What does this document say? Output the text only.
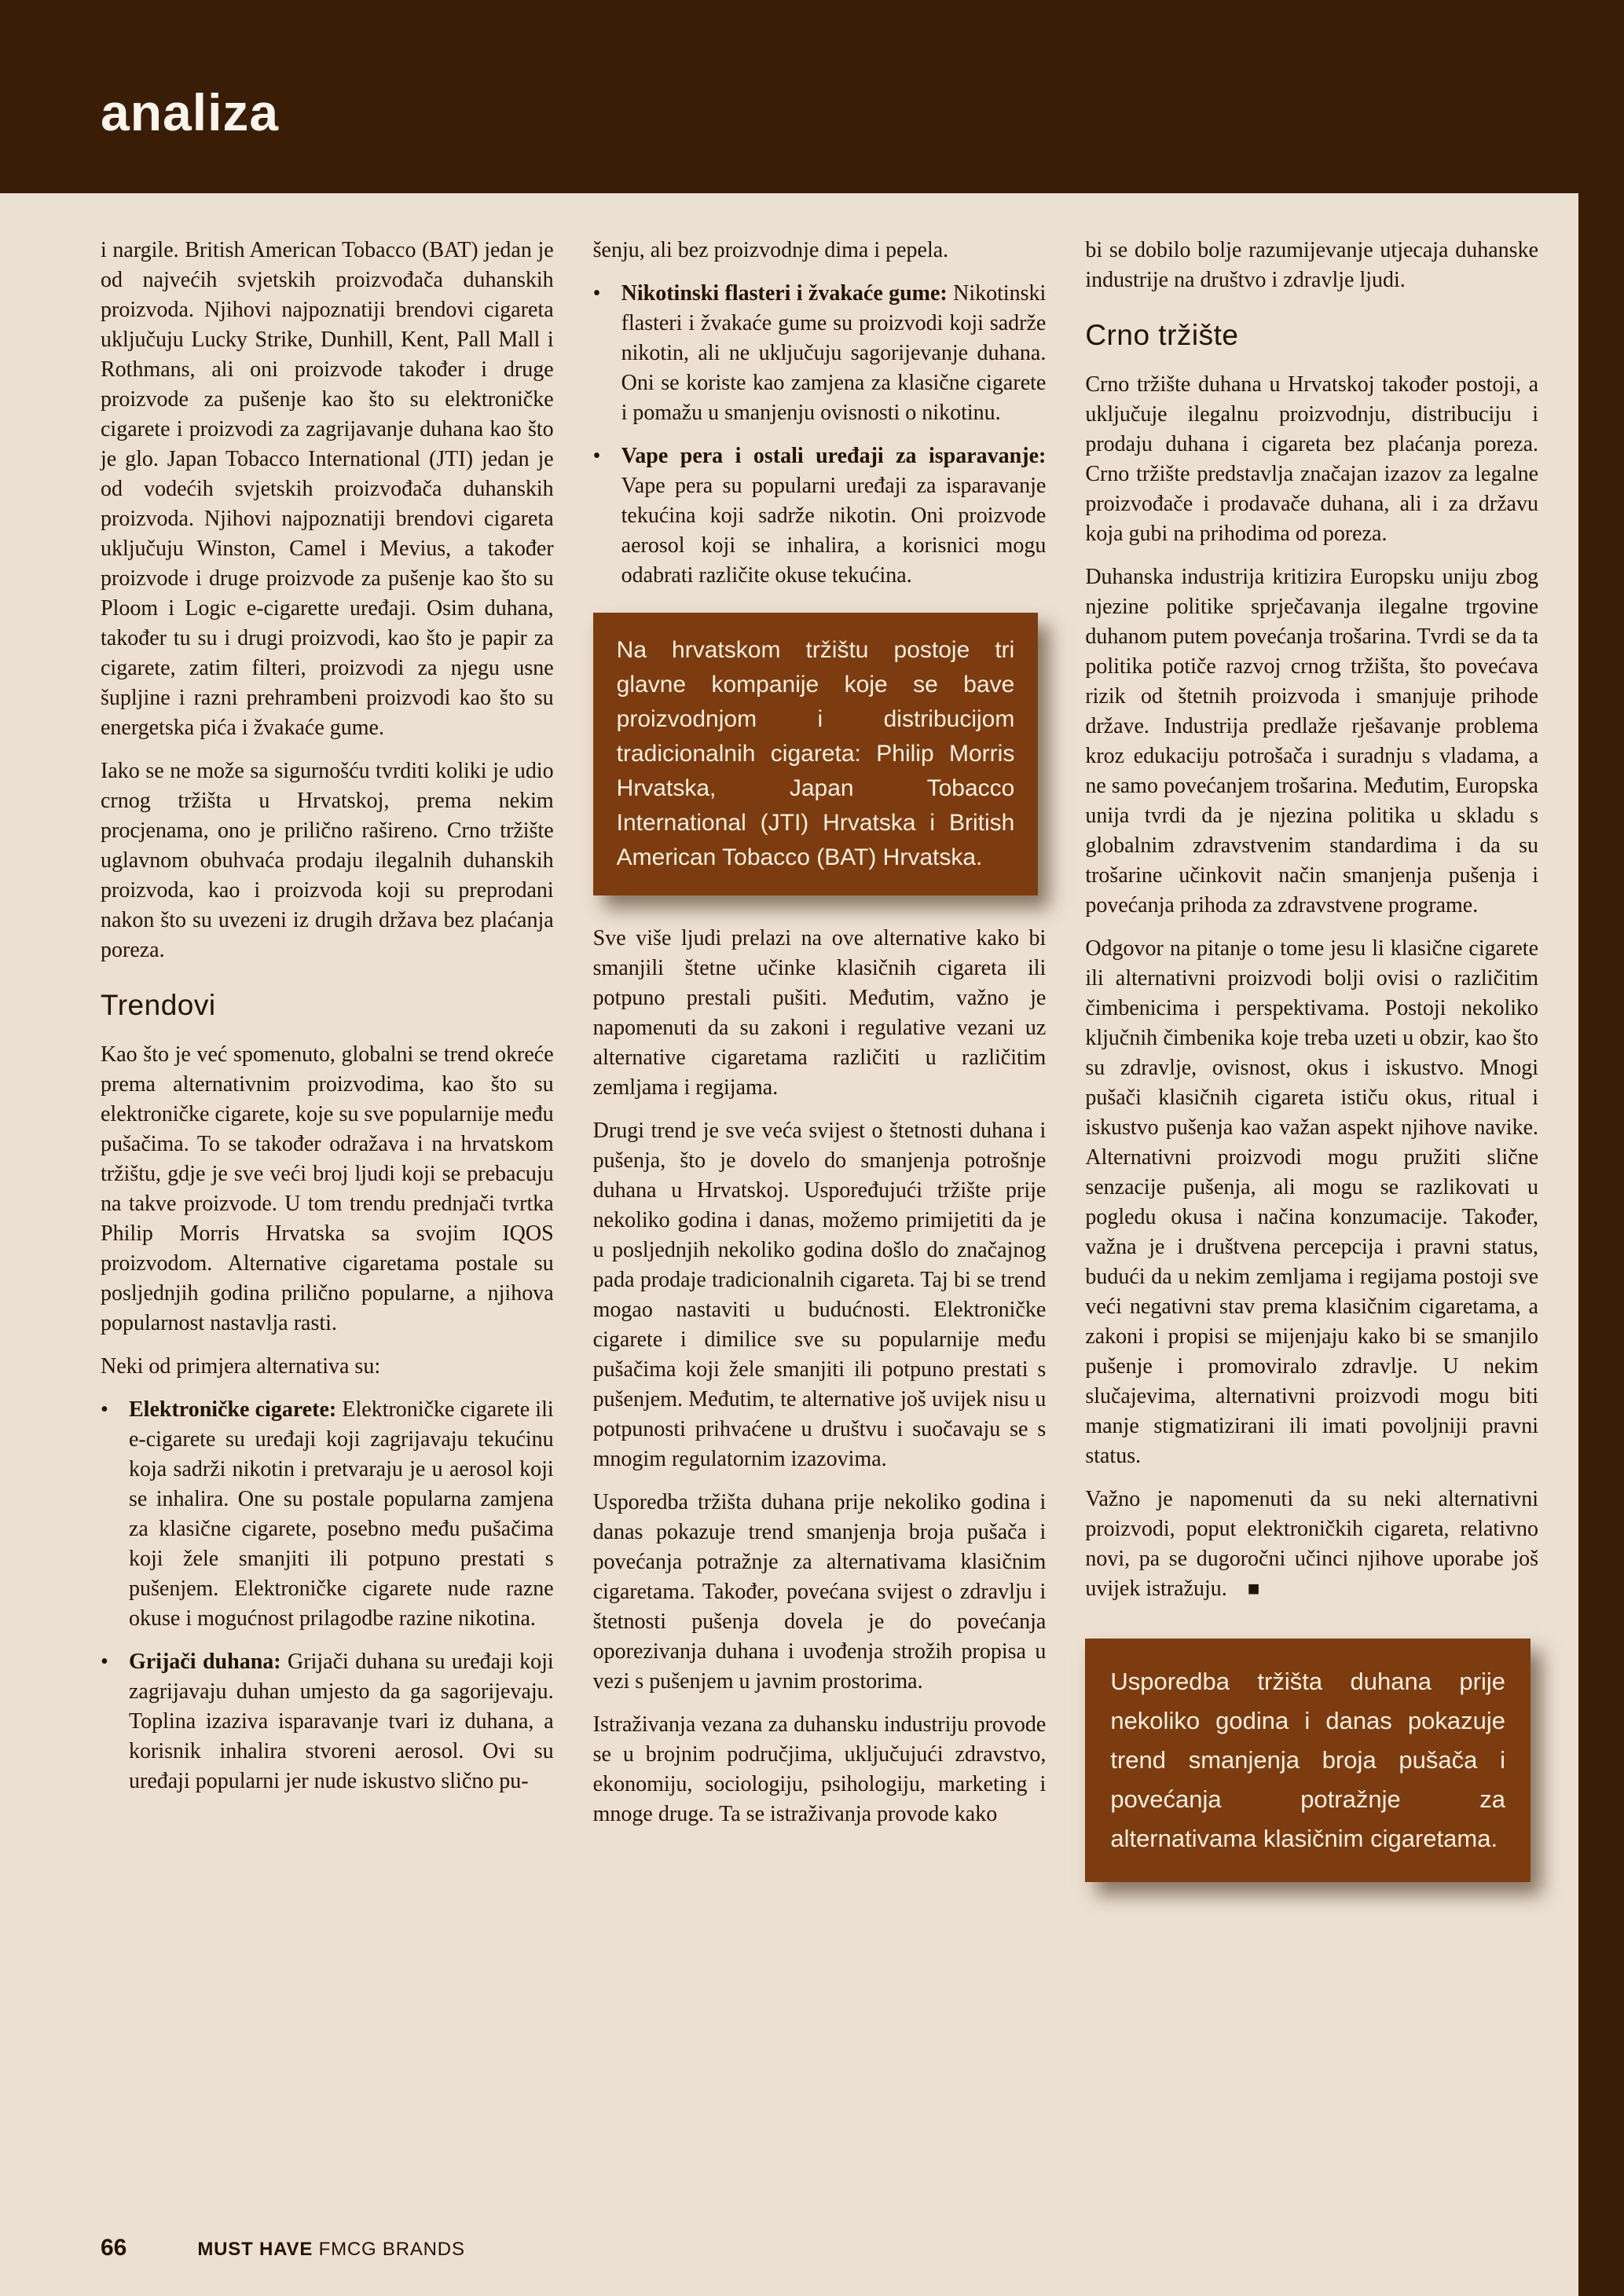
analiza

i nargile. British American Tobacco (BAT) jedan je od najvećih svjetskih proizvođača duhanskih proizvoda. Njihovi najpoznatiji brendovi cigareta uključuju Lucky Strike, Dunhill, Kent, Pall Mall i Rothmans, ali oni proizvode također i druge proizvode za pušenje kao što su elektroničke cigarete i proizvodi za zagrijavanje duhana kao što je glo. Japan Tobacco International (JTI) jedan je od vodećih svjetskih proizvođača duhanskih proizvoda. Njihovi najpoznatiji brendovi cigareta uključuju Winston, Camel i Mevius, a također proizvode i druge proizvode za pušenje kao što su Ploom i Logic e-cigarette uređaji. Osim duhana, također tu su i drugi proizvodi, kao što je papir za cigarete, zatim filteri, proizvodi za njegu usne šupljine i razni prehrambeni proizvodi kao što su energetska pića i žvakaće gume.

Iako se ne može sa sigurnošću tvrditi koliki je udio crnog tržišta u Hrvatskoj, prema nekim procjenama, ono je prilično rašireno. Crno tržište uglavnom obuhvaća prodaju ilegalnih duhanskih proizvoda, kao i proizvoda koji su preprodani nakon što su uvezeni iz drugih država bez plaćanja poreza.

Trendovi

Kao što je već spomenuto, globalni se trend okreće prema alternativnim proizvodima, kao što su elektroničke cigarete, koje su sve popularnije među pušačima. To se također odražava i na hrvatskom tržištu, gdje je sve veći broj ljudi koji se prebacuju na takve proizvode. U tom trendu prednjači tvrtka Philip Morris Hrvatska sa svojim IQOS proizvodom. Alternative cigaretama postale su posljednjih godina prilično popularne, a njihova popularnost nastavlja rasti.

Neki od primjera alternativa su:

• Elektroničke cigarete: Elektroničke cigarete ili e-cigarete su uređaji koji zagrijavaju tekućinu koja sadrži nikotin i pretvaraju je u aerosol koji se inhalira. One su postale popularna zamjena za klasične cigarete, posebno među pušačima koji žele smanjiti ili potpuno prestati s pušenjem. Elektroničke cigarete nude razne okuse i mogućnost prilagodbe razine nikotina.
• Grijači duhana: Grijači duhana su uređaji koji zagrijavaju duhan umjesto da ga sagorijevaju. Toplina izaziva isparavanje tvari iz duhana, a korisnik inhalira stvoreni aerosol. Ovi su uređaji popularni jer nude iskustvo slično pu-

šenju, ali bez proizvodnje dima i pepela.

• Nikotinski flasteri i žvakaće gume: Nikotinski flasteri i žvakaće gume su proizvodi koji sadrže nikotin, ali ne uključuju sagorijevanje duhana. Oni se koriste kao zamjena za klasične cigarete i pomažu u smanjenju ovisnosti o nikotinu.
• Vape pera i ostali uređaji za isparavanje: Vape pera su popularni uređaji za isparavanje tekućina koji sadrže nikotin. Oni proizvode aerosol koji se inhalira, a korisnici mogu odabrati različite okuse tekućina.
Na hrvatskom tržištu postoje tri glavne kompanije koje se bave proizvodnjom i distribucijom tradicionalnih cigareta: Philip Morris Hrvatska, Japan Tobacco International (JTI) Hrvatska i British American Tobacco (BAT) Hrvatska.

Sve više ljudi prelazi na ove alternative kako bi smanjili štetne učinke klasičnih cigareta ili potpuno prestali pušiti. Međutim, važno je napomenuti da su zakoni i regulative vezani uz alternative cigaretama različiti u različitim zemljama i regijama.

Drugi trend je sve veća svijest o štetnosti duhana i pušenja, što je dovelo do smanjenja potrošnje duhana u Hrvatskoj. Uspoređujući tržište prije nekoliko godina i danas, možemo primijetiti da je u posljednjih nekoliko godina došlo do značajnog pada prodaje tradicionalnih cigareta. Taj bi se trend mogao nastaviti u budućnosti. Elektroničke cigarete i dimilice sve su popularnije među pušačima koji žele smanjiti ili potpuno prestati s pušenjem. Međutim, te alternative još uvijek nisu u potpunosti prihvaćene u društvu i suočavaju se s mnogim regulatornim izazovima.

Usporedba tržišta duhana prije nekoliko godina i danas pokazuje trend smanjenja broja pušača i povećanja potražnje za alternativama klasičnim cigaretama. Također, povećana svijest o zdravlju i štetnosti pušenja dovela je do povećanja oporezivanja duhana i uvođenja strožih propisa u vezi s pušenjem u javnim prostorima.

Istraživanja vezana za duhansku industriju provode se u brojnim područjima, uključujući zdravstvo, ekonomiju, sociologiju, psihologiju, marketing i mnoge druge. Ta se istraživanja provode kako

bi se dobilo bolje razumijevanje utjecaja duhanske industrije na društvo i zdravlje ljudi.

Crno tržište

Crno tržište duhana u Hrvatskoj također postoji, a uključuje ilegalnu proizvodnju, distribuciju i prodaju duhana i cigareta bez plaćanja poreza. Crno tržište predstavlja značajan izazov za legalne proizvođače i prodavače duhana, ali i za državu koja gubi na prihodima od poreza.

Duhanska industrija kritizira Europsku uniju zbog njezine politike sprječavanja ilegalne trgovine duhanom putem povećanja trošarina. Tvrdi se da ta politika potiče razvoj crnog tržišta, što povećava rizik od štetnih proizvoda i smanjuje prihode države. Industrija predlaže rješavanje problema kroz edukaciju potrošača i suradnju s vladama, a ne samo povećanjem trošarina. Međutim, Europska unija tvrdi da je njezina politika u skladu s globalnim zdravstvenim standardima i da su trošarine učinkovit način smanjenja pušenja i povećanja prihoda za zdravstvene programe.

Odgovor na pitanje o tome jesu li klasične cigarete ili alternativni proizvodi bolji ovisi o različitim čimbenicima i perspektivama. Postoji nekoliko ključnih čimbenika koje treba uzeti u obzir, kao što su zdravlje, ovisnost, okus i iskustvo. Mnogi pušači klasičnih cigareta ističu okus, ritual i iskustvo pušenja kao važan aspekt njihove navike. Alternativni proizvodi mogu pružiti slične senzacije pušenja, ali mogu se razlikovati u pogledu okusa i načina konzumacije. Također, važna je i društvena percepcija i pravni status, budući da u nekim zemljama i regijama postoji sve veći negativni stav prema klasičnim cigaretama, a zakoni i propisi se mijenjaju kako bi se smanjilo pušenje i promoviralo zdravlje. U nekim slučajevima, alternativni proizvodi mogu biti manje stigmatizirani ili imati povoljniji pravni status.

Važno je napomenuti da su neki alternativni proizvodi, poput elektroničkih cigareta, relativno novi, pa se dugoročni učinci njihove uporabe još uvijek istražuju. ■

Usporedba tržišta duhana prije nekoliko godina i danas pokazuje trend smanjenja broja pušača i povećanja potražnje za alternativama klasičnim cigaretama.
66	MUST HAVE FMCG BRANDS
